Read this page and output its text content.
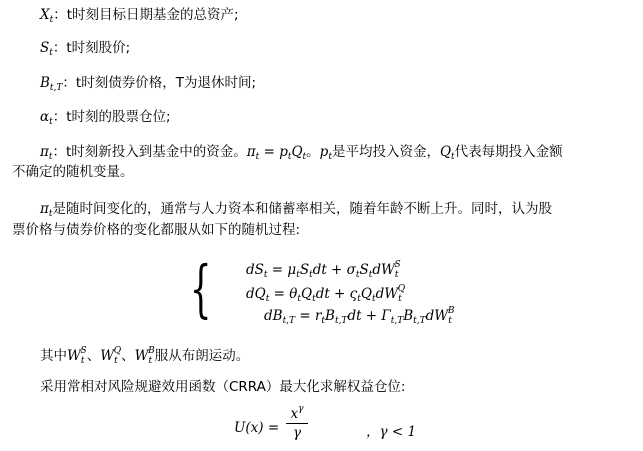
$X_t$：t时刻目标日期基金的总资产;
$S_t$：t时刻股价;
$B_{t,T}$：t时刻债券价格，T为退休时间;
$\alpha_t$：t时刻的股票仓位;
$\pi_t$：t时刻新投入到基金中的资金。$\pi_t = p_tQ_t$。$p_t$是平均投入资金，$Q_t$代表每期投入金额
不确定的随机变量。
$\pi_t$是随时间变化的，通常与人力资本和储蓄率相关，随着年龄不断上升。同时，认为股
票价格与债券价格的变化都服从如下的随机过程:
{	$dS_t = \mu_tS_tdt + \sigma_tS_tdW_t^S$
$dQ_t = \theta_tQ_tdt + \varsigma_tQ_tdW_t^Q$
$dB_{t,T} = r_tB_{t,T}dt + \Gamma_{t,T}B_{t,T}dW_t^B$
其中$W_t^S$、$W_t^Q$、$W_t^B$服从布朗运动。
采用常相对风险规避效用函数（CRRA）最大化求解权益仓位:
U(x) =
$x^\gamma$
γ	，γ < 1
